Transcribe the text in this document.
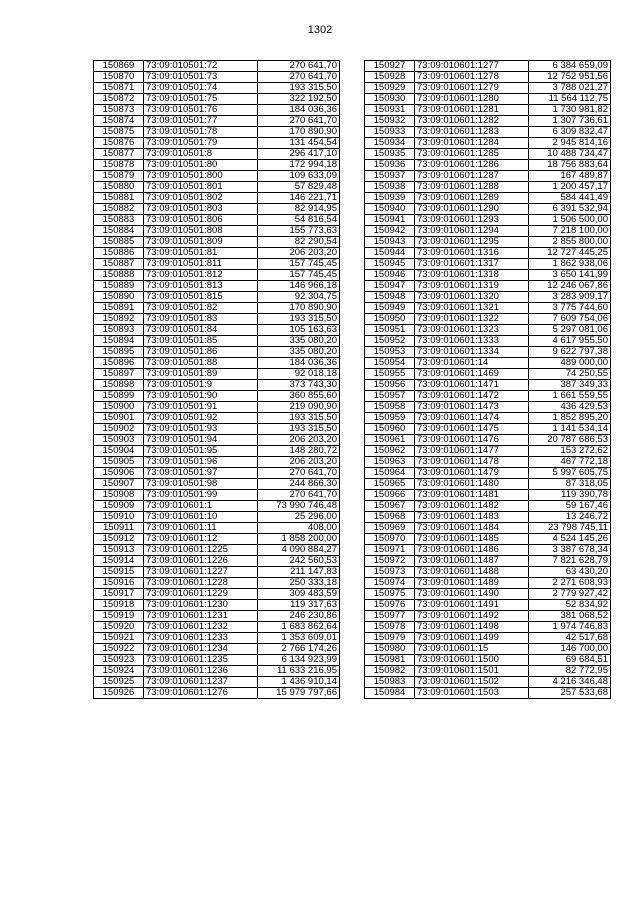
1302
150869	73:09:010501:72	270 641,70
150870	73:09:010501:73	270 641,70
150871	73:09:010501:74	193 315,50
150872	73:09:010501:75	322 192,50
150873	73:09:010501:76	184 036,36
150874	73:09:010501:77	270 641,70
150875	73:09:010501:78	170 890,90
150876	73:09:010501:79	131 454,54
150877	73:09:010501:8	296 417,10
150878	73:09:010501:80	172 994,18
150879	73:09:010501:800	109 633,09
150880	73:09:010501:801	57 829,48
150881	73:09:010501:802	146 221,71
150882	73:09:010501:803	82 914,95
150883	73:09:010501:806	54 816,54
150884	73:09:010501:808	155 773,63
150885	73:09:010501:809	82 290,54
150886	73:09:010501:81	206 203,20
150887	73:09:010501:811	157 745,45
150888	73:09:010501:812	157 745,45
150889	73:09:010501:813	146 966,18
150890	73:09:010501:815	92 304,75
150891	73:09:010501:82	170 890,90
150892	73:09:010501:83	193 315,50
150893	73:09:010501:84	105 163,63
150894	73:09:010501:85	335 080,20
150895	73:09:010501:86	335 080,20
150896	73:09:010501:88	184 036,36
150897	73:09:010501:89	92 018,18
150898	73:09:010501:9	373 743,30
150899	73:09:010501:90	360 855,60
150900	73:09:010501:91	219 090,90
150901	73:09:010501:92	193 315,50
150902	73:09:010501:93	193 315,50
150903	73:09:010501:94	206 203,20
150904	73:09:010501:95	148 280,72
150905	73:09:010501:96	206 203,20
150906	73:09:010501:97	270 641,70
150907	73:09:010501:98	244 866,30
150908	73:09:010501:99	270 641,70
150909	73:09:010601:1	73 990 746,48
150910	73:09:010601:10	25 296,00
150911	73:09:010601:11	408,00
150912	73:09:010601:12	1 858 200,00
150913	73:09:010601:1225	4 090 884,27
150914	73:09:010601:1226	242 560,53
150915	73:09:010601:1227	211 147,83
150916	73:09:010601:1228	250 333,18
150917	73:09:010601:1229	309 483,59
150918	73:09:010601:1230	119 317,63
150919	73:09:010601:1231	246 230,86
150920	73:09:010601:1232	1 683 862,64
150921	73:09:010601:1233	1 353 609,01
150922	73:09:010601:1234	2 766 174,26
150923	73:09:010601:1235	6 134 923,99
150924	73:09:010601:1236	11 633 216,95
150925	73:09:010601:1237	1 436 910,14
150926	73:09:010601:1276	15 979 797,66
150927	73:09:010601:1277	6 384 659,09
150928	73:09:010601:1278	12 752 951,56
150929	73:09:010601:1279	3 788 021,27
150930	73:09:010601:1280	11 564 112,75
150931	73:09:010601:1281	1 730 981,82
150932	73:09:010601:1282	1 307 736,61
150933	73:09:010601:1283	6 309 832,47
150934	73:09:010601:1284	2 945 814,16
150935	73:09:010601:1285	10 488 734,47
150936	73:09:010601:1286	18 756 883,64
150937	73:09:010601:1287	167 489,87
150938	73:09:010601:1288	1 200 457,17
150939	73:09:010601:1289	584 441,49
150940	73:09:010601:1290	6 391 532,94
150941	73:09:010601:1293	1 506 500,00
150942	73:09:010601:1294	7 218 100,00
150943	73:09:010601:1295	2 855 800,00
150944	73:09:010601:1316	12 727 445,25
150945	73:09:010601:1317	1 862 938,06
150946	73:09:010601:1318	3 650 141,99
150947	73:09:010601:1319	12 246 067,86
150948	73:09:010601:1320	3 283 909,17
150949	73:09:010601:1321	3 775 744,60
150950	73:09:010601:1322	7 609 754,06
150951	73:09:010601:1323	5 297 081,06
150952	73:09:010601:1333	4 617 955,50
150953	73:09:010601:1334	9 622 797,38
150954	73:09:010601:14	489 000,00
150955	73:09:010601:1469	74 250,55
150956	73:09:010601:1471	387 349,33
150957	73:09:010601:1472	1 661 559,55
150958	73:09:010601:1473	436 429,53
150959	73:09:010601:1474	1 852 895,20
150960	73:09:010601:1475	1 141 534,14
150961	73:09:010601:1476	20 787 686,53
150962	73:09:010601:1477	153 272,62
150963	73:09:010601:1478	467 772,18
150964	73:09:010601:1479	5 997 605,75
150965	73:09:010601:1480	87 318,05
150966	73:09:010601:1481	119 390,78
150967	73:09:010601:1482	59 167,46
150968	73:09:010601:1483	13 246,72
150969	73:09:010601:1484	23 798 745,11
150970	73:09:010601:1485	4 524 145,26
150971	73:09:010601:1486	3 387 678,34
150972	73:09:010601:1487	7 821 628,79
150973	73:09:010601:1488	63 430,20
150974	73:09:010601:1489	2 271 608,93
150975	73:09:010601:1490	2 779 927,42
150976	73:09:010601:1491	52 834,92
150977	73:09:010601:1492	381 068,52
150978	73:09:010601:1498	1 974 746,83
150979	73:09:010601:1499	42 517,68
150980	73:09:010601:15	146 700,00
150981	73:09:010601:1500	69 684,51
150982	73:09:010601:1501	82 772,95
150983	73:09:010601:1502	4 216 346,48
150984	73:09:010601:1503	257 533,68
